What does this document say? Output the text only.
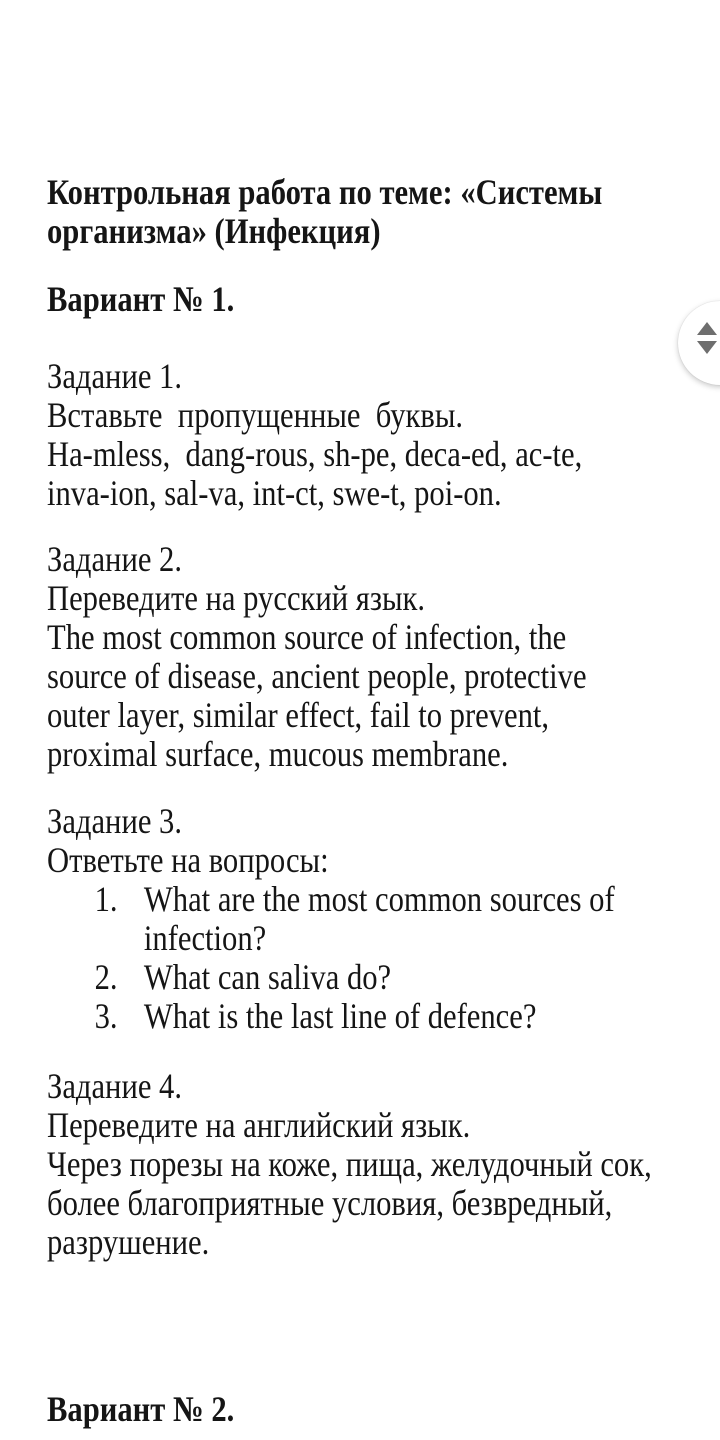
Контрольная работа по теме: «Системы
организма» (Инфекция)
Вариант № 1.
Задание 1.
Вставьте  пропущенные  буквы.
Ha-mless,  dang-rous, sh-pe, deca-ed, ac-te,
inva-ion, sal-va, int-ct, swe-t, poi-on.
Задание 2.
Переведите на русский язык.
The most common source of infection, the
source of disease, ancient people, protective
outer layer, similar effect, fail to prevent,
proximal surface, mucous membrane.
Задание 3.
Ответьте на вопросы:
1. What are the most common sources of
infection?
2. What can saliva do?
3. What is the last line of defence?
Задание 4.
Переведите на английский язык.
Через порезы на коже, пища, желудочный сок,
более благоприятные условия, безвредный,
разрушение.
Вариант № 2.
